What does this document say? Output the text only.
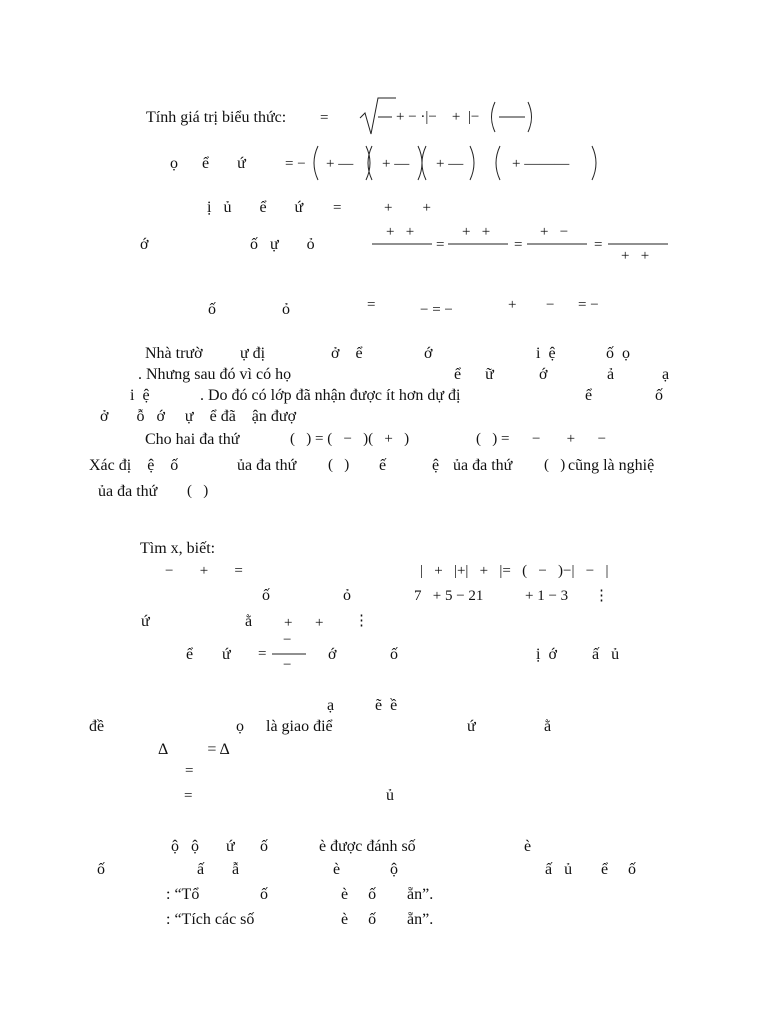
Tính giá trị biểu thức: =	+ − ·|−    +  |−
ọ      ể       ứ	= − + — + — + —	+ ———
ị   ủ       ể       ứ =	+        +
ớ	ố   ự       ỏ
+   +
=
+   +
=
+   −
=
+   +
ố	ỏ	=	− = −	+ − = −
Nhà trườ ự đị	ở    ể	ớ	i  ệ	ố  ọ
. Nhưng sau đó vì có họ	ể      ữ	ớ	ả	ạ
i  ệ	. Do đó có lớp đã nhận được ít hơn dự đị	ể	ố
ở       ỗ   ớ     ự    ể đã    ận đượ
Cho hai đa thứ	(   ) = (   −   )(   +   )	(   ) =      −       +      −
Xác đị    ệ    ố	ủa đa thứ (   ) ế	ệ ủa đa thứ (   ) cũng là nghiệ
ủa đa thứ (   )
Tìm x, biết:
−       +       =	|   +   |+|   +   |=   (   −   )−|   −   |
ố	ỏ	7   + 5 − 21	+ 1 − 3 ⋮
ứ	ằ +      + ⋮
ể ứ =
−
−
ớ	ố	ị  ớ ấ   ủ
ạ	ẽ  ề
đề	ọ là giao điể	ứ	ằ
Δ          = Δ
=
=	ủ
ộ   ộ ứ ố	è được đánh số	è
ố	ấ ẫ	è	ộ	ấ   ủ ể ố
: “Tổ	ố	è     ố ẵn”.
: “Tích các số	è     ố ẵn”.
